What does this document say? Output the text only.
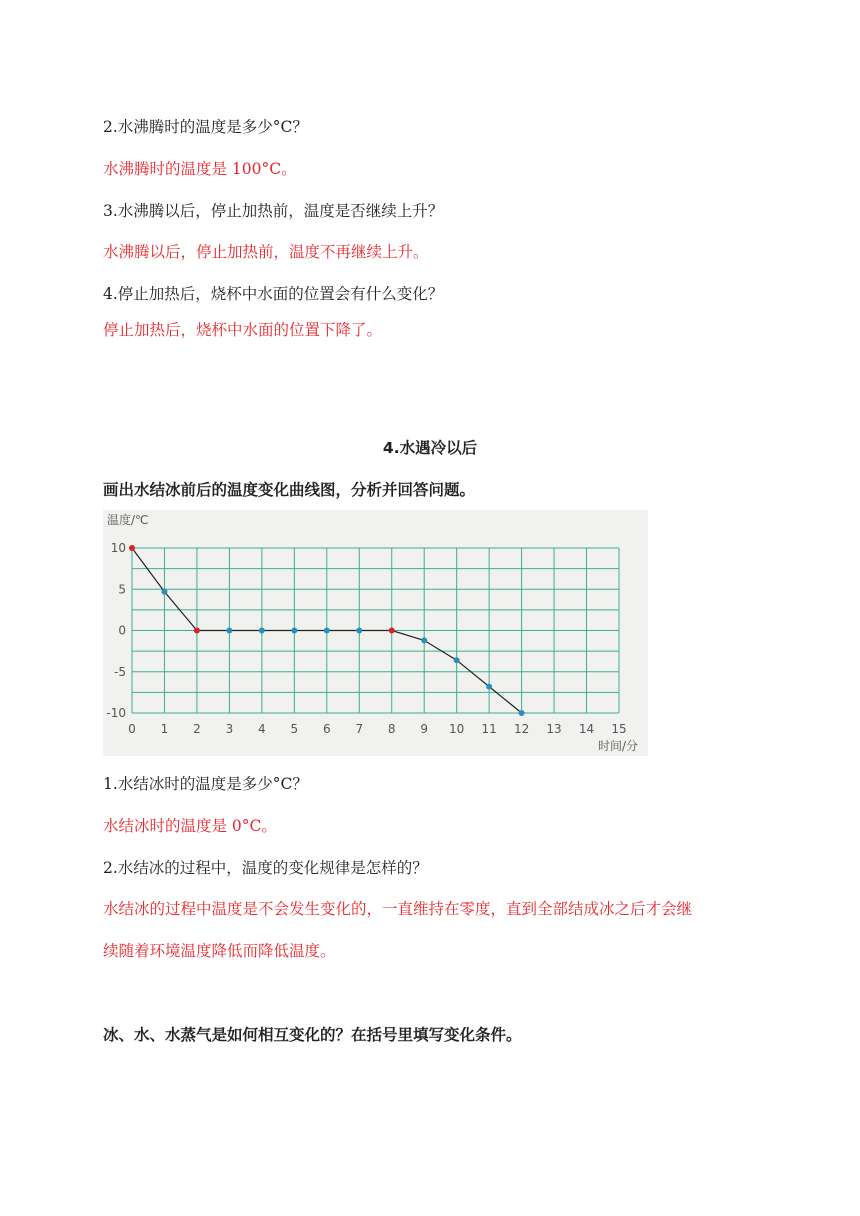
2.水沸腾时的温度是多少°C？
水沸腾时的温度是 100°C。
3.水沸腾以后，停止加热前，温度是否继续上升？
水沸腾以后，停止加热前，温度不再继续上升。
4.停止加热后，烧杯中水面的位置会有什么变化？
停止加热后，烧杯中水面的位置下降了。
4.水遇冷以后
画出水结冰前后的温度变化曲线图，分析并回答问题。
10
5
0
-5
-10
0 1 2 3 4 5 6 7 8 9 10 11 12 13 14 15
温度/℃
时间/分
1.水结冰时的温度是多少°C？
水结冰时的温度是 0°C。
2.水结冰的过程中，温度的变化规律是怎样的？
水结冰的过程中温度是不会发生变化的，一直维持在零度，直到全部结成冰之后才会继
续随着环境温度降低而降低温度。
冰、水、水蒸气是如何相互变化的？在括号里填写变化条件。
